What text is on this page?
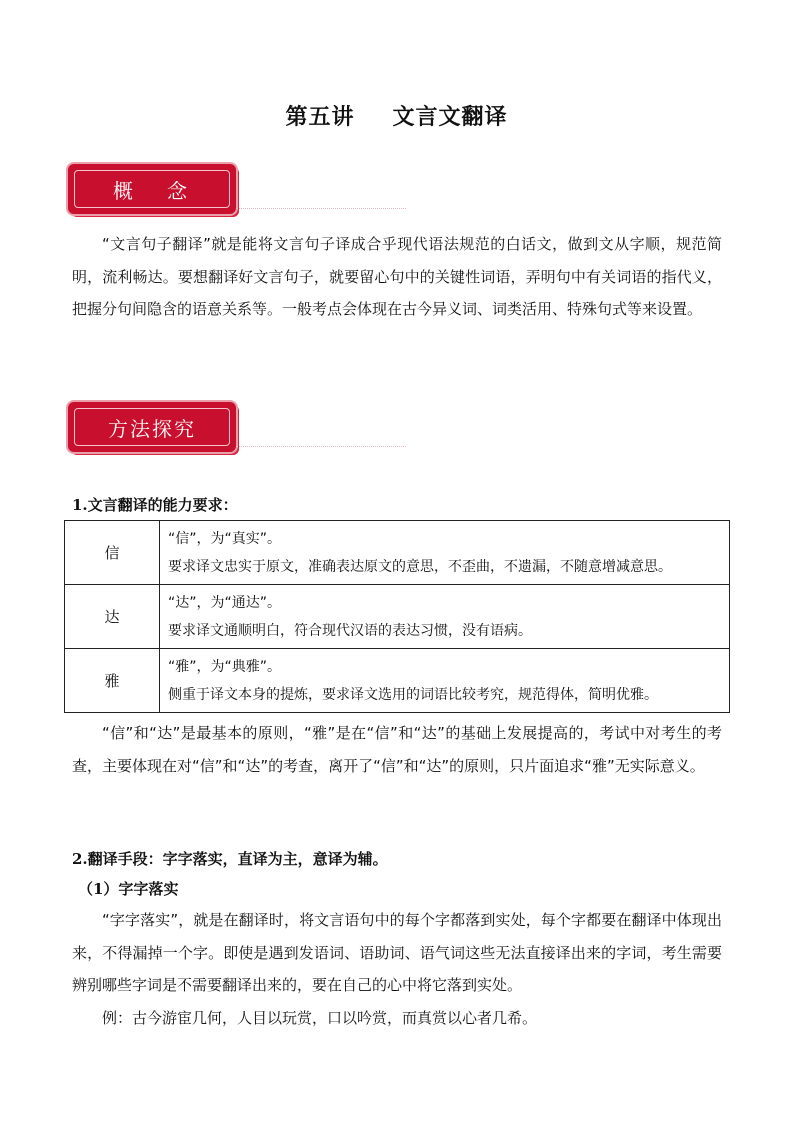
第五讲 文言文翻译
概念
“文言句子翻译”就是能将文言句子译成合乎现代语法规范的白话文，做到文从字顺，规范简明，流利畅达。要想翻译好文言句子，就要留心句中的关键性词语，弄明句中有关词语的指代义，把握分句间隐含的语意关系等。一般考点会体现在古今异义词、词类活用、特殊句式等来设置。
方法探究
1.文言翻译的能力要求：
信	“信”，为“真实”。
要求译文忠实于原文，准确表达原文的意思，不歪曲，不遗漏，不随意增减意思。

达	“达”，为“通达”。
要求译文通顺明白，符合现代汉语的表达习惯，没有语病。

雅	“雅”，为“典雅”。
侧重于译文本身的提炼，要求译文选用的词语比较考究，规范得体，简明优雅。
“信”和“达”是最基本的原则，“雅”是在“信”和“达”的基础上发展提高的，考试中对考生的考查，主要体现在对“信”和“达”的考查，离开了“信”和“达”的原则，只片面追求“雅”无实际意义。
2.翻译手段：字字落实，直译为主，意译为辅。
（1）字字落实
“字字落实”，就是在翻译时，将文言语句中的每个字都落到实处，每个字都要在翻译中体现出来，不得漏掉一个字。即使是遇到发语词、语助词、语气词这些无法直接译出来的字词，考生需要辨别哪些字词是不需要翻译出来的，要在自己的心中将它落到实处。
例：古今游宦几何，人目以玩赏，口以吟赏，而真赏以心者几希。
